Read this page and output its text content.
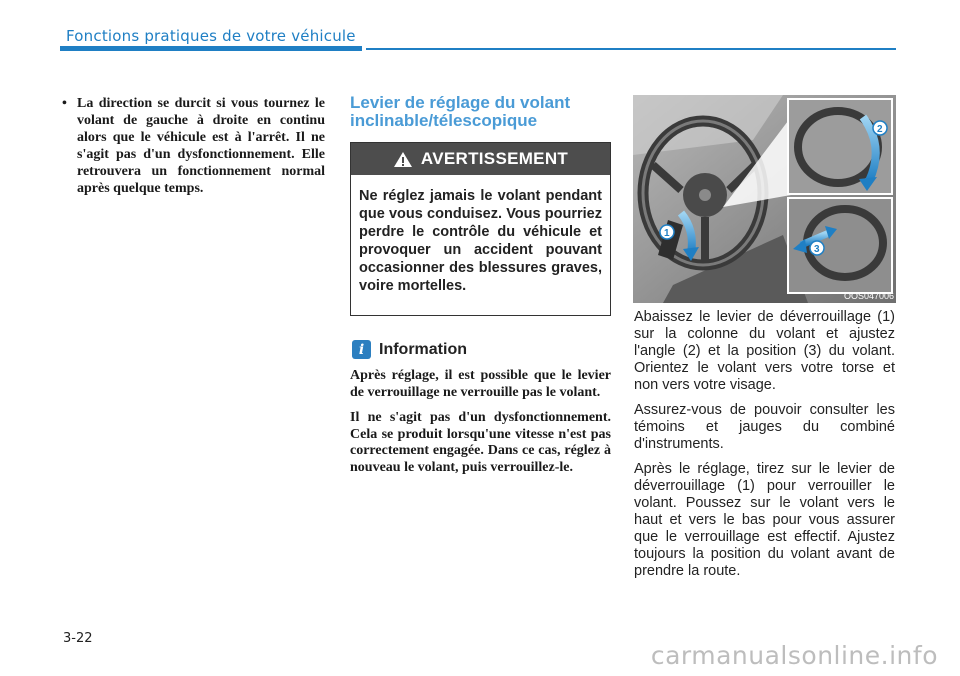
Fonctions pratiques de votre véhicule
• La direction se durcit si vous tournez le volant de gauche à droite en continu alors que le véhicule est à l'arrêt. Il ne s'agit pas d'un dysfonctionnement. Elle retrouvera un fonctionnement normal après quelque temps.
Levier de réglage du volant
inclinable/télescopique
AVERTISSEMENT
Ne réglez jamais le volant pendant que vous conduisez. Vous pourriez perdre le contrôle du véhicule et provoquer un accident pouvant occasionner des blessures graves, voire mortelles.
i Information

Après réglage, il est possible que le levier de verrouillage ne verrouille pas le volant.

Il ne s'agit pas d'un dysfonctionnement. Cela se produit lorsqu'une vitesse n'est pas correctement engagée. Dans ce cas, réglez à nouveau le volant, puis verrouillez-le.

1
2
3
OOS047006

Abaissez le levier de déverrouillage (1) sur la colonne du volant et ajustez l'angle (2) et la position (3) du volant. Orientez le volant vers votre torse et non vers votre visage.

Assurez-vous de pouvoir consulter les témoins et jauges du combiné d'instruments.

Après le réglage, tirez sur le levier de déverrouillage (1) pour verrouiller le volant. Poussez sur le volant vers le haut et vers le bas pour vous assurer que le verrouillage est effectif. Ajustez toujours la position du volant avant de prendre la route.

3-22
carmanualsonline.info
